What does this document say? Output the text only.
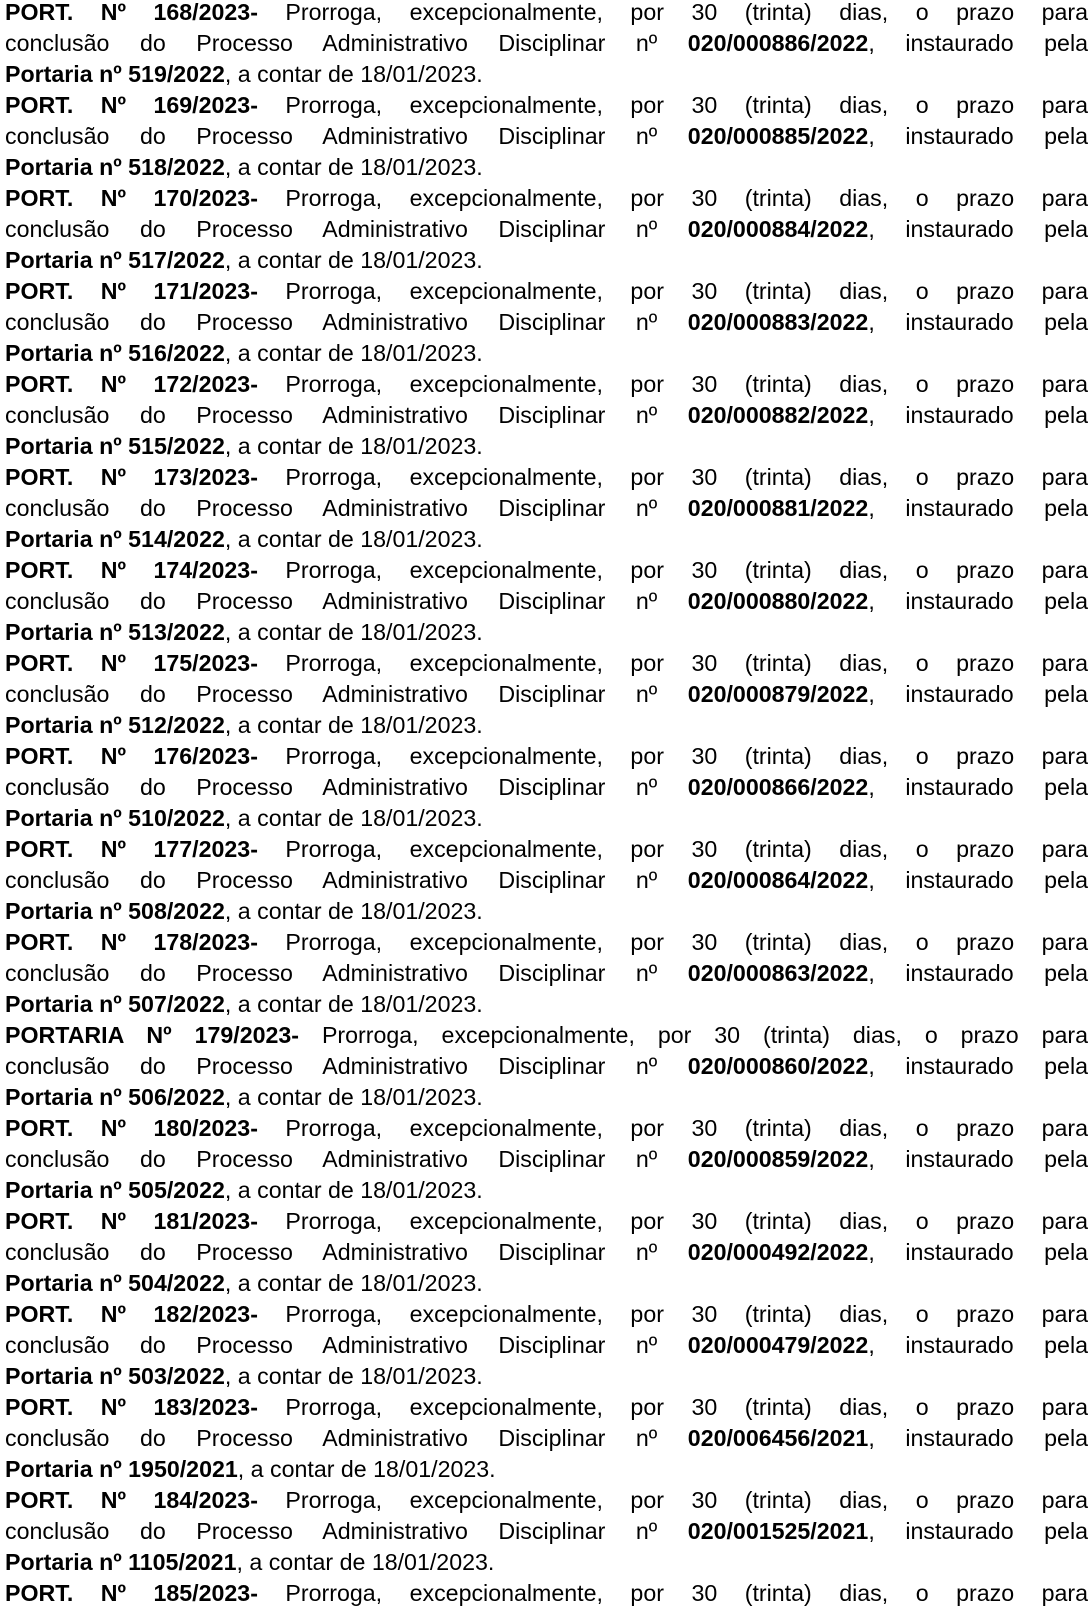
PORT. Nº 168/2023- Prorroga, excepcionalmente, por 30 (trinta) dias, o prazo para
conclusão do Processo Administrativo Disciplinar nº 020/000886/2022, instaurado pela
Portaria nº 519/2022, a contar de 18/01/2023.
PORT. Nº 169/2023- Prorroga, excepcionalmente, por 30 (trinta) dias, o prazo para
conclusão do Processo Administrativo Disciplinar nº 020/000885/2022, instaurado pela
Portaria nº 518/2022, a contar de 18/01/2023.
PORT. Nº 170/2023- Prorroga, excepcionalmente, por 30 (trinta) dias, o prazo para
conclusão do Processo Administrativo Disciplinar nº 020/000884/2022, instaurado pela
Portaria nº 517/2022, a contar de 18/01/2023.
PORT. Nº 171/2023- Prorroga, excepcionalmente, por 30 (trinta) dias, o prazo para
conclusão do Processo Administrativo Disciplinar nº 020/000883/2022, instaurado pela
Portaria nº 516/2022, a contar de 18/01/2023.
PORT. Nº 172/2023- Prorroga, excepcionalmente, por 30 (trinta) dias, o prazo para
conclusão do Processo Administrativo Disciplinar nº 020/000882/2022, instaurado pela
Portaria nº 515/2022, a contar de 18/01/2023.
PORT. Nº 173/2023- Prorroga, excepcionalmente, por 30 (trinta) dias, o prazo para
conclusão do Processo Administrativo Disciplinar nº 020/000881/2022, instaurado pela
Portaria nº 514/2022, a contar de 18/01/2023.
PORT. Nº 174/2023- Prorroga, excepcionalmente, por 30 (trinta) dias, o prazo para
conclusão do Processo Administrativo Disciplinar nº 020/000880/2022, instaurado pela
Portaria nº 513/2022, a contar de 18/01/2023.
PORT. Nº 175/2023- Prorroga, excepcionalmente, por 30 (trinta) dias, o prazo para
conclusão do Processo Administrativo Disciplinar nº 020/000879/2022, instaurado pela
Portaria nº 512/2022, a contar de 18/01/2023.
PORT. Nº 176/2023- Prorroga, excepcionalmente, por 30 (trinta) dias, o prazo para
conclusão do Processo Administrativo Disciplinar nº 020/000866/2022, instaurado pela
Portaria nº 510/2022, a contar de 18/01/2023.
PORT. Nº 177/2023- Prorroga, excepcionalmente, por 30 (trinta) dias, o prazo para
conclusão do Processo Administrativo Disciplinar nº 020/000864/2022, instaurado pela
Portaria nº 508/2022, a contar de 18/01/2023.
PORT. Nº 178/2023- Prorroga, excepcionalmente, por 30 (trinta) dias, o prazo para
conclusão do Processo Administrativo Disciplinar nº 020/000863/2022, instaurado pela
Portaria nº 507/2022, a contar de 18/01/2023.
PORTARIA Nº 179/2023- Prorroga, excepcionalmente, por 30 (trinta) dias, o prazo para
conclusão do Processo Administrativo Disciplinar nº 020/000860/2022, instaurado pela
Portaria nº 506/2022, a contar de 18/01/2023.
PORT. Nº 180/2023- Prorroga, excepcionalmente, por 30 (trinta) dias, o prazo para
conclusão do Processo Administrativo Disciplinar nº 020/000859/2022, instaurado pela
Portaria nº 505/2022, a contar de 18/01/2023.
PORT. Nº 181/2023- Prorroga, excepcionalmente, por 30 (trinta) dias, o prazo para
conclusão do Processo Administrativo Disciplinar nº 020/000492/2022, instaurado pela
Portaria nº 504/2022, a contar de 18/01/2023.
PORT. Nº 182/2023- Prorroga, excepcionalmente, por 30 (trinta) dias, o prazo para
conclusão do Processo Administrativo Disciplinar nº 020/000479/2022, instaurado pela
Portaria nº 503/2022, a contar de 18/01/2023.
PORT. Nº 183/2023- Prorroga, excepcionalmente, por 30 (trinta) dias, o prazo para
conclusão do Processo Administrativo Disciplinar nº 020/006456/2021, instaurado pela
Portaria nº 1950/2021, a contar de 18/01/2023.
PORT. Nº 184/2023- Prorroga, excepcionalmente, por 30 (trinta) dias, o prazo para
conclusão do Processo Administrativo Disciplinar nº 020/001525/2021, instaurado pela
Portaria nº 1105/2021, a contar de 18/01/2023.
PORT. Nº 185/2023- Prorroga, excepcionalmente, por 30 (trinta) dias, o prazo para
